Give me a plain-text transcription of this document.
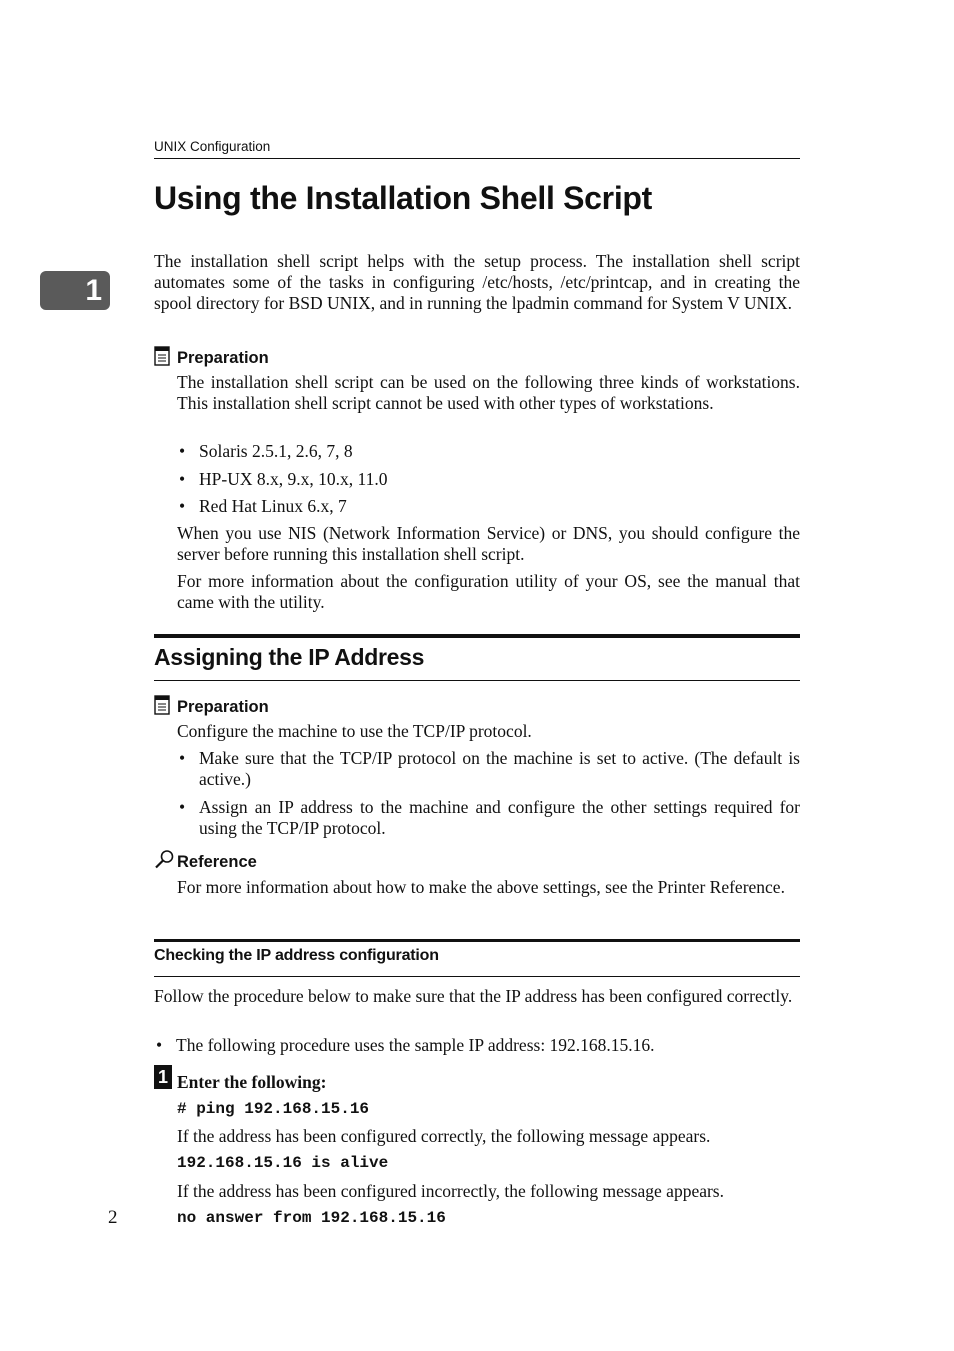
UNIX Configuration
Using the Installation Shell Script
1
The installation shell script helps with the setup process. The installation shell script automates some of the tasks in configuring /etc/hosts, /etc/printcap, and in creating the spool directory for BSD UNIX, and in running the lpadmin command for System V UNIX.
Preparation
The installation shell script can be used on the following three kinds of workstations. This installation shell script cannot be used with other types of workstations.
• Solaris 2.5.1, 2.6, 7, 8
• HP-UX 8.x, 9.x, 10.x, 11.0
• Red Hat Linux 6.x, 7
When you use NIS (Network Information Service) or DNS, you should configure the server before running this installation shell script.
For more information about the configuration utility of your OS, see the manual that came with the utility.
Assigning the IP Address
Preparation
Configure the machine to use the TCP/IP protocol.
• Make sure that the TCP/IP protocol on the machine is set to active. (The default is active.)
• Assign an IP address to the machine and configure the other settings required for using the TCP/IP protocol.
Reference
For more information about how to make the above settings, see the Printer Reference.
Checking the IP address configuration
Follow the procedure below to make sure that the IP address has been configured correctly.
• The following procedure uses the sample IP address: 192.168.15.16.
1 Enter the following:
# ping 192.168.15.16
If the address has been configured correctly, the following message appears.
192.168.15.16 is alive
If the address has been configured incorrectly, the following message appears.
no answer from 192.168.15.16
2
